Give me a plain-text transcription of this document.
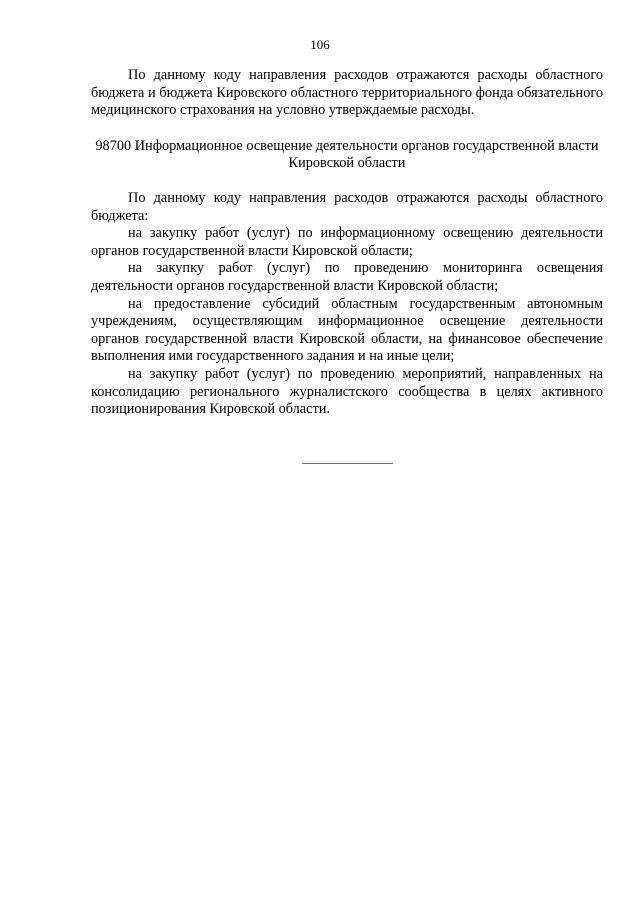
106

По данному коду направления расходов отражаются расходы областного бюджета и бюджета Кировского областного территориального фонда обязательного медицинского страхования на условно утверждаемые расходы.

98700 Информационное освещение деятельности органов государственной власти Кировской области

По данному коду направления расходов отражаются расходы областного бюджета:

на закупку работ (услуг) по информационному освещению деятельности органов государственной власти Кировской области;

на закупку работ (услуг) по проведению мониторинга освещения деятельности органов государственной власти Кировской области;

на предоставление субсидий областным государственным автономным учреждениям, осуществляющим информационное освещение деятельности органов государственной власти Кировской области, на финансовое обеспечение выполнения ими государственного задания и на иные цели;

на закупку работ (услуг) по проведению мероприятий, направленных на консолидацию регионального журналистского сообщества в целях активного позиционирования Кировской области.
